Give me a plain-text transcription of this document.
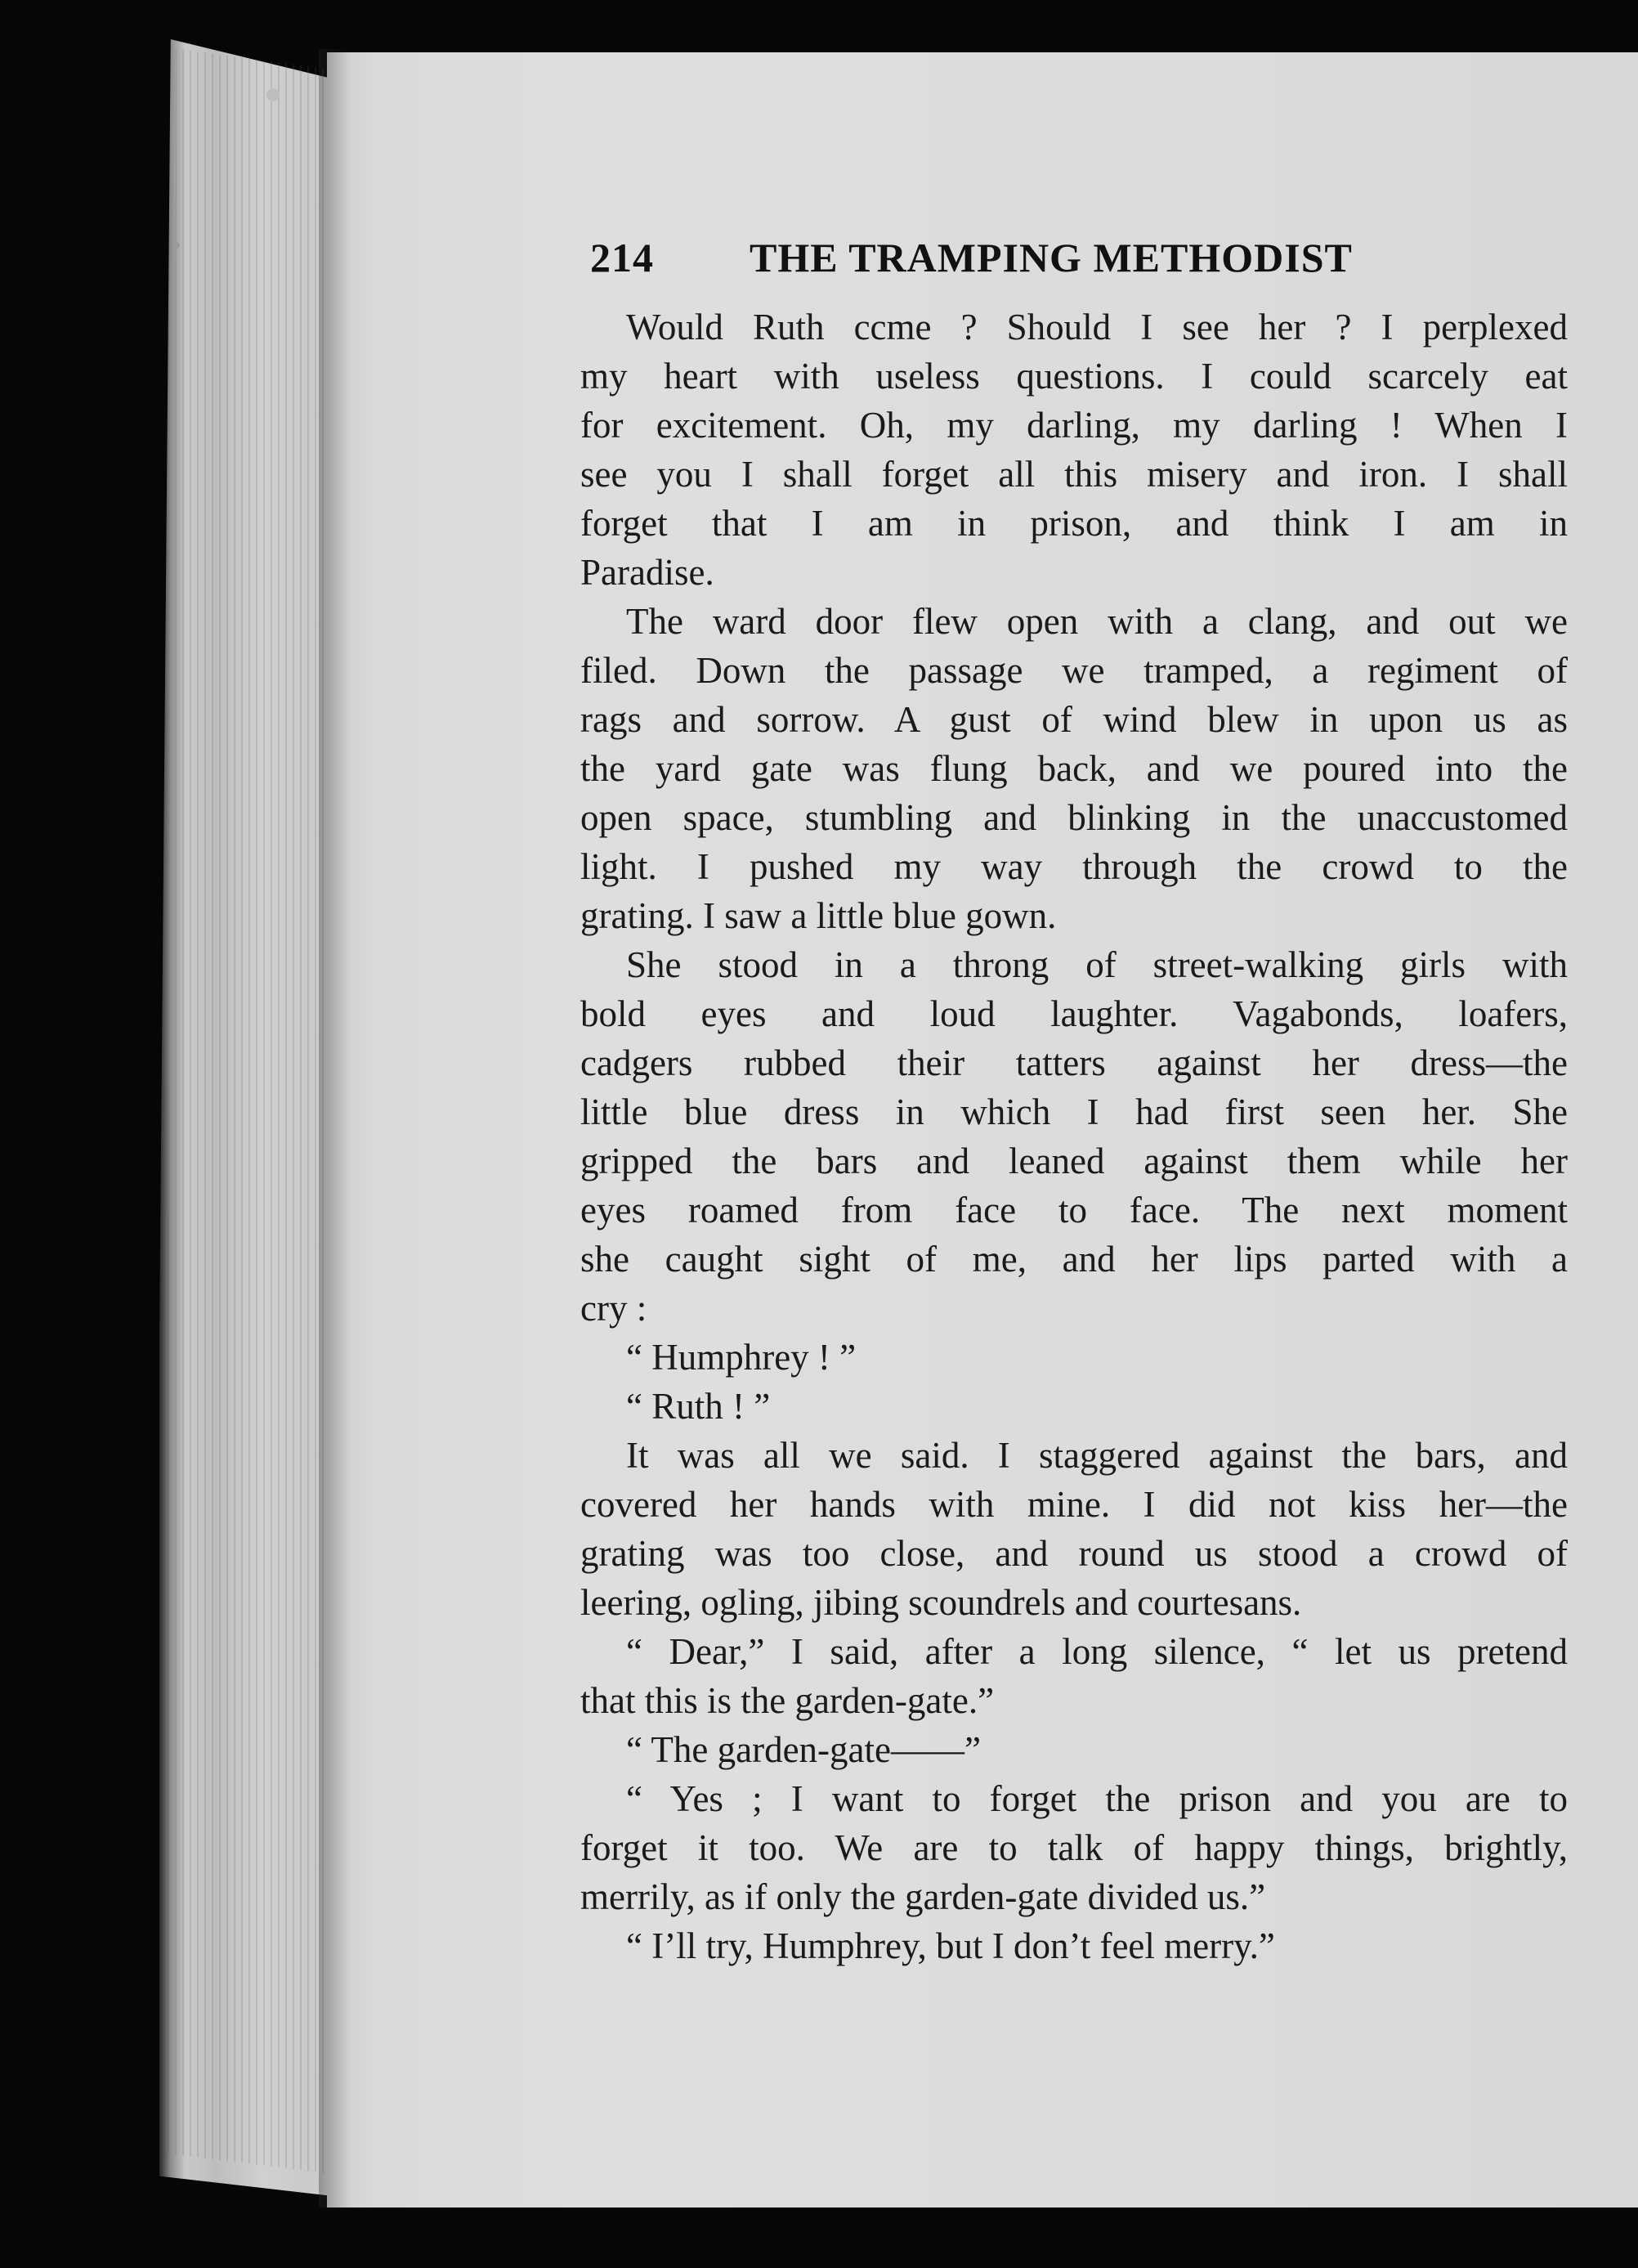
214 THE TRAMPING METHODIST
Would Ruth ccme ? Should I see her ? I perplexed
my heart with useless questions. I could scarcely eat
for excitement. Oh, my darling, my darling ! When I
see you I shall forget all this misery and iron. I shall
forget that I am in prison, and think I am in
Paradise.
The ward door flew open with a clang, and out we
filed. Down the passage we tramped, a regiment of
rags and sorrow. A gust of wind blew in upon us as
the yard gate was flung back, and we poured into the
open space, stumbling and blinking in the unaccustomed
light. I pushed my way through the crowd to the
grating. I saw a little blue gown.
She stood in a throng of street-walking girls with
bold eyes and loud laughter. Vagabonds, loafers,
cadgers rubbed their tatters against her dress—the
little blue dress in which I had first seen her. She
gripped the bars and leaned against them while her
eyes roamed from face to face. The next moment
she caught sight of me, and her lips parted with a
cry :
“ Humphrey ! ”
“ Ruth ! ”
It was all we said. I staggered against the bars, and
covered her hands with mine. I did not kiss her—the
grating was too close, and round us stood a crowd of
leering, ogling, jibing scoundrels and courtesans.
“ Dear,” I said, after a long silence, “ let us pretend
that this is the garden-gate.”
“ The garden-gate——”
“ Yes ; I want to forget the prison and you are to
forget it too. We are to talk of happy things, brightly,
merrily, as if only the garden-gate divided us.”
“ I’ll try, Humphrey, but I don’t feel merry.”
